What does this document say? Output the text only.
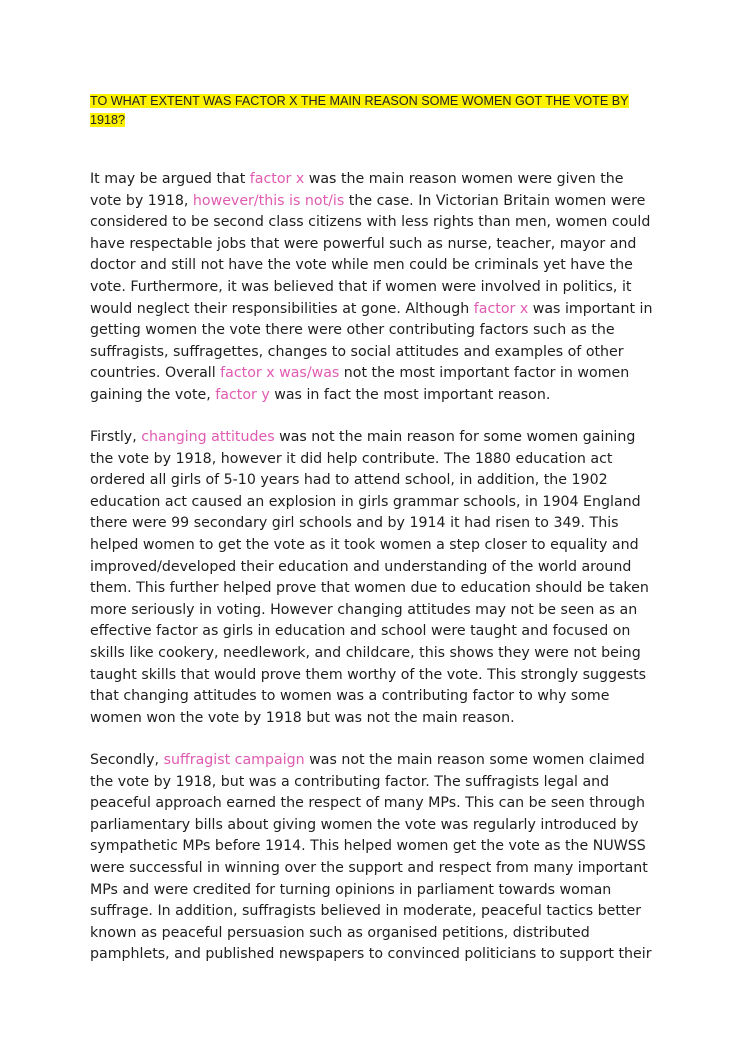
TO WHAT EXTENT WAS FACTOR X THE MAIN REASON SOME WOMEN GOT THE VOTE BY
1918?

It may be argued that factor x was the main reason women were given the
vote by 1918, however/this is not/is the case. In Victorian Britain women were
considered to be second class citizens with less rights than men, women could
have respectable jobs that were powerful such as nurse, teacher, mayor and
doctor and still not have the vote while men could be criminals yet have the
vote. Furthermore, it was believed that if women were involved in politics, it
would neglect their responsibilities at gone. Although factor x was important in
getting women the vote there were other contributing factors such as the
suffragists, suffragettes, changes to social attitudes and examples of other
countries. Overall factor x was/was not the most important factor in women
gaining the vote, factor y was in fact the most important reason.
Firstly, changing attitudes was not the main reason for some women gaining
the vote by 1918, however it did help contribute. The 1880 education act
ordered all girls of 5-10 years had to attend school, in addition, the 1902
education act caused an explosion in girls grammar schools, in 1904 England
there were 99 secondary girl schools and by 1914 it had risen to 349. This
helped women to get the vote as it took women a step closer to equality and
improved/developed their education and understanding of the world around
them. This further helped prove that women due to education should be taken
more seriously in voting. However changing attitudes may not be seen as an
effective factor as girls in education and school were taught and focused on
skills like cookery, needlework, and childcare, this shows they were not being
taught skills that would prove them worthy of the vote. This strongly suggests
that changing attitudes to women was a contributing factor to why some
women won the vote by 1918 but was not the main reason.
Secondly, suffragist campaign was not the main reason some women claimed
the vote by 1918, but was a contributing factor. The suffragists legal and
peaceful approach earned the respect of many MPs. This can be seen through
parliamentary bills about giving women the vote was regularly introduced by
sympathetic MPs before 1914. This helped women get the vote as the NUWSS
were successful in winning over the support and respect from many important
MPs and were credited for turning opinions in parliament towards woman
suffrage. In addition, suffragists believed in moderate, peaceful tactics better
known as peaceful persuasion such as organised petitions, distributed
pamphlets, and published newspapers to convinced politicians to support their
